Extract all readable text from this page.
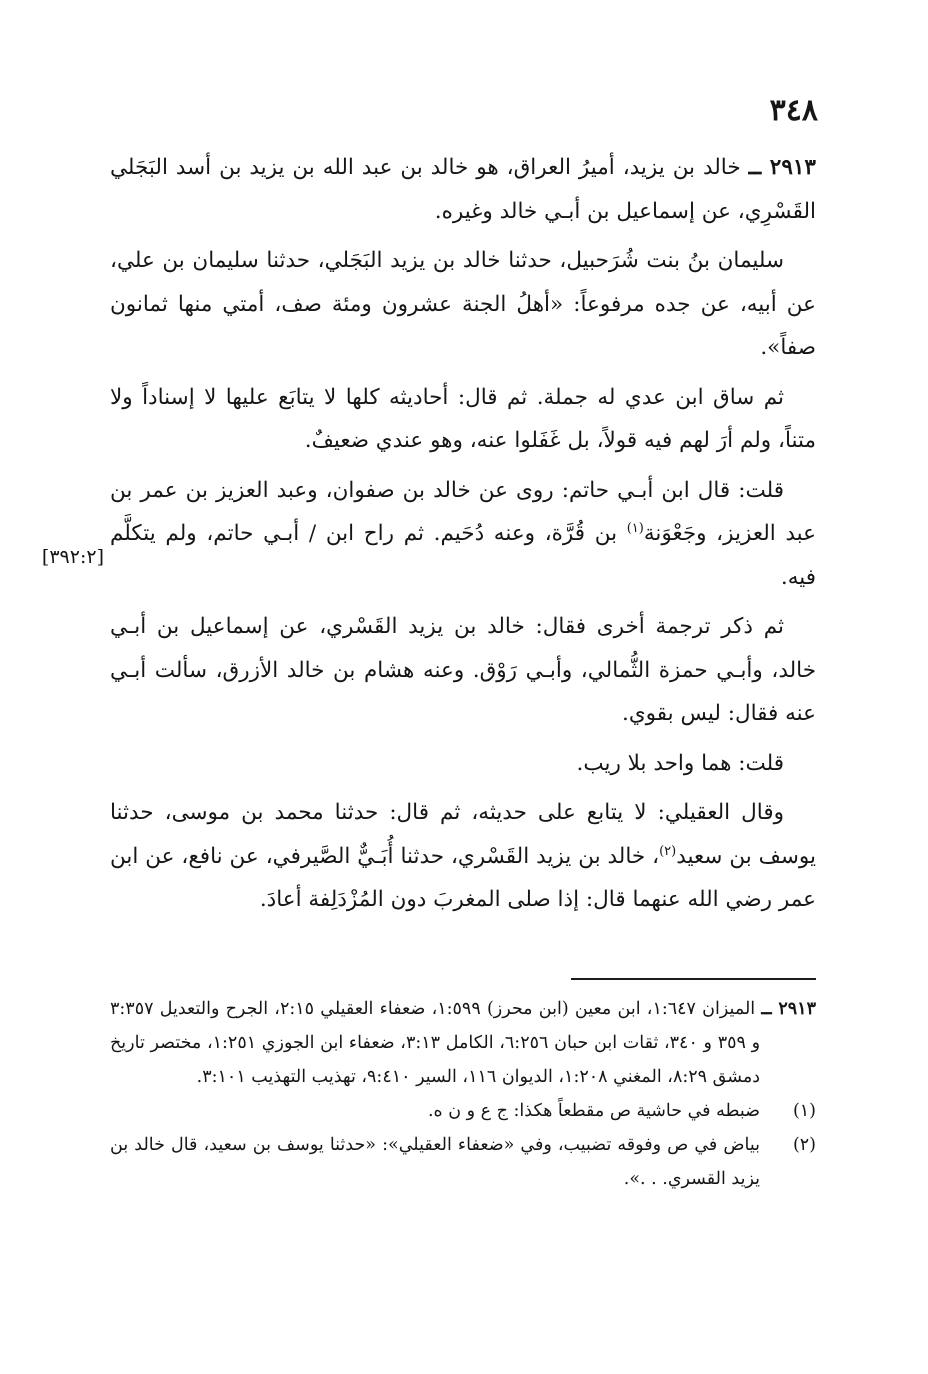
٣٤٨
[٣٩٢:٢]

٢٩١٣ ــ خالد بن يزيد، أميرُ العراق، هو خالد بن عبد الله بن يزيد بن أسد البَجَلي القَسْرِي، عن إسماعيل بن أبـي خالد وغيره.

سليمان بنُ بنت شُرَحبيل، حدثنا خالد بن يزيد البَجَلي، حدثنا سليمان بن علي، عن أبيه، عن جده مرفوعاً: «أهلُ الجنة عشرون ومئة صف، أمتي منها ثمانون صفاً».

ثم ساق ابن عدي له جملة. ثم قال: أحاديثه كلها لا يتابَع عليها لا إسناداً ولا متناً، ولم أرَ لهم فيه قولاً، بل غَفَلوا عنه، وهو عندي ضعيفٌ.

قلت: قال ابن أبـي حاتم: روى عن خالد بن صفوان، وعبد العزيز بن عمر بن عبد العزيز، وجَعْوَنة$^{(١)}$ بن قُرَّة، وعنه دُحَيم. ثم راح ابن / أبـي حاتم، ولم يتكلَّم فيه.

ثم ذكر ترجمة أخرى فقال: خالد بن يزيد القَسْري، عن إسماعيل بن أبـي خالد، وأبـي حمزة الثُّمالي، وأبـي رَوْق. وعنه هشام بن خالد الأزرق، سألت أبـي عنه فقال: ليس بقوي.

قلت: هما واحد بلا ريب.

وقال العقيلي: لا يتابع على حديثه، ثم قال: حدثنا محمد بن موسى، حدثنا يوسف بن سعيد$^{(٢)}$، خالد بن يزيد القَسْري، حدثنا أُبَـيٌّ الصَّيرفي، عن نافع، عن ابن عمر رضي الله عنهما قال: إذا صلى المغربَ دون المُزْدَلِفة أعادَ.

٢٩١٣ ــ الميزان ١:٦٤٧، ابن معين (ابن محرز) ١:٥٩٩، ضعفاء العقيلي ٢:١٥، الجرح والتعديل ٣:٣٥٧ و ٣٥٩ و ٣٤٠، ثقات ابن حبان ٦:٢٥٦، الكامل ٣:١٣، ضعفاء ابن الجوزي ١:٢٥١، مختصر تاريخ دمشق ٨:٢٩، المغني ١:٢٠٨، الديوان ١١٦، السير ٩:٤١٠، تهذيب التهذيب ٣:١٠١.

(١)
ضبطه في حاشية ص مقطعاً هكذا: ج ع و ن ه.
(٢)
بياض في ص وفوقه تضبيب، وفي «ضعفاء العقيلي»: «حدثنا يوسف بن سعيد، قال خالد بن يزيد القسري. . .».
